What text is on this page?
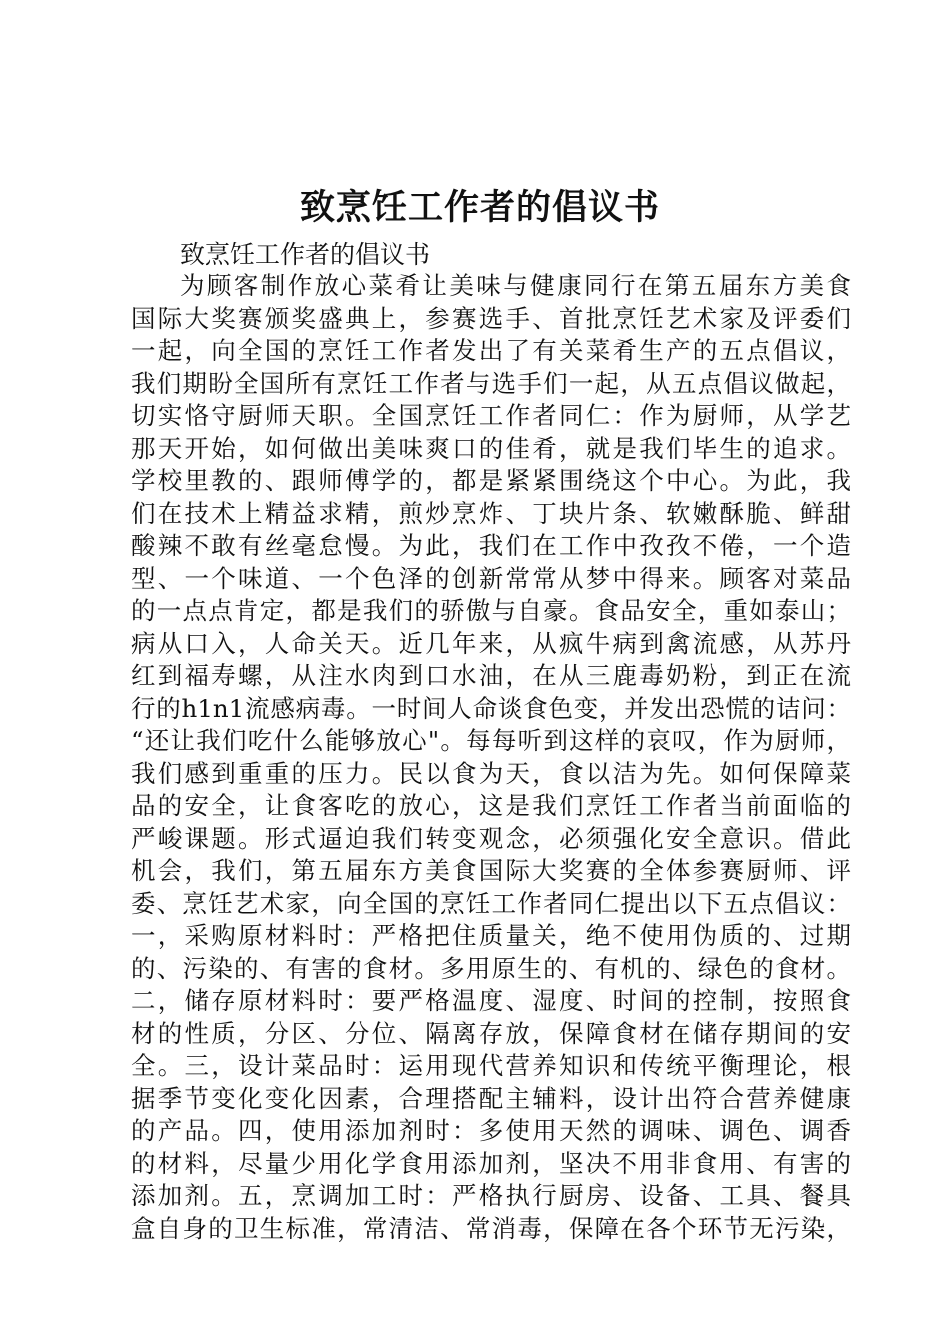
致烹饪工作者的倡议书

致烹饪工作者的倡议书

为顾客制作放心菜肴让美味与健康同行在第五届东方美食
国际大奖赛颁奖盛典上，参赛选手、首批烹饪艺术家及评委们
一起，向全国的烹饪工作者发出了有关菜肴生产的五点倡议，
我们期盼全国所有烹饪工作者与选手们一起，从五点倡议做起，
切实恪守厨师天职。全国烹饪工作者同仁：作为厨师，从学艺
那天开始，如何做出美味爽口的佳肴，就是我们毕生的追求。
学校里教的、跟师傅学的，都是紧紧围绕这个中心。为此，我
们在技术上精益求精，煎炒烹炸、丁块片条、软嫩酥脆、鲜甜
酸辣不敢有丝毫怠慢。为此，我们在工作中孜孜不倦，一个造
型、一个味道、一个色泽的创新常常从梦中得来。顾客对菜品
的一点点肯定，都是我们的骄傲与自豪。食品安全，重如泰山；
病从口入，人命关天。近几年来，从疯牛病到禽流感，从苏丹
红到福寿螺，从注水肉到口水油，在从三鹿毒奶粉，到正在流
行的h1n1流感病毒。一时间人命谈食色变，并发出恐慌的诘问：
“还让我们吃什么能够放心"。每每听到这样的哀叹，作为厨师，
我们感到重重的压力。民以食为天，食以洁为先。如何保障菜
品的安全，让食客吃的放心，这是我们烹饪工作者当前面临的
严峻课题。形式逼迫我们转变观念，必须强化安全意识。借此
机会，我们，第五届东方美食国际大奖赛的全体参赛厨师、评
委、烹饪艺术家，向全国的烹饪工作者同仁提出以下五点倡议：
一，采购原材料时：严格把住质量关，绝不使用伪质的、过期
的、污染的、有害的食材。多用原生的、有机的、绿色的食材。
二，储存原材料时：要严格温度、湿度、时间的控制，按照食
材的性质，分区、分位、隔离存放，保障食材在储存期间的安
全。三，设计菜品时：运用现代营养知识和传统平衡理论，根
据季节变化变化因素，合理搭配主辅料，设计出符合营养健康
的产品。四，使用添加剂时：多使用天然的调味、调色、调香
的材料，尽量少用化学食用添加剂，坚决不用非食用、有害的
添加剂。五，烹调加工时：严格执行厨房、设备、工具、餐具
盒自身的卫生标准，常清洁、常消毒，保障在各个环节无污染，
